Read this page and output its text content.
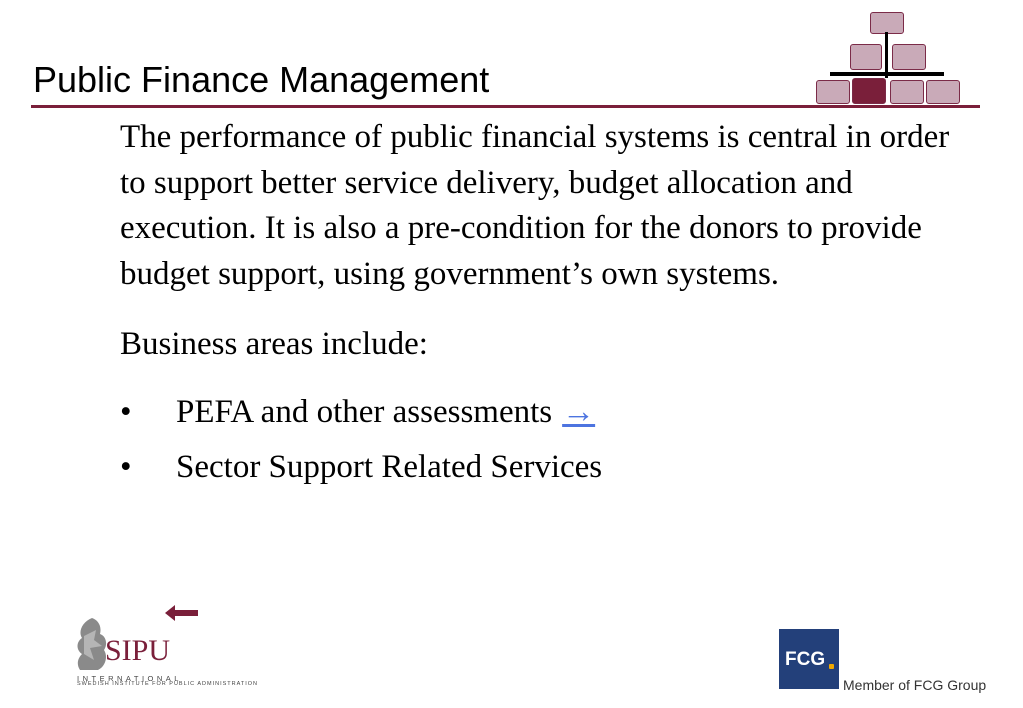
Public Finance Management

The performance of public financial systems is central in order to support better service delivery, budget allocation and execution. It is also a pre-condition for the donors to provide budget support, using government’s own systems.

Business areas include:

• PEFA and other assessments →
• Sector Support Related Services
SIPU
INTERNATIONAL
SWEDISH INSTITUTE FOR PUBLIC ADMINISTRATION
FCG
Member of FCG Group
